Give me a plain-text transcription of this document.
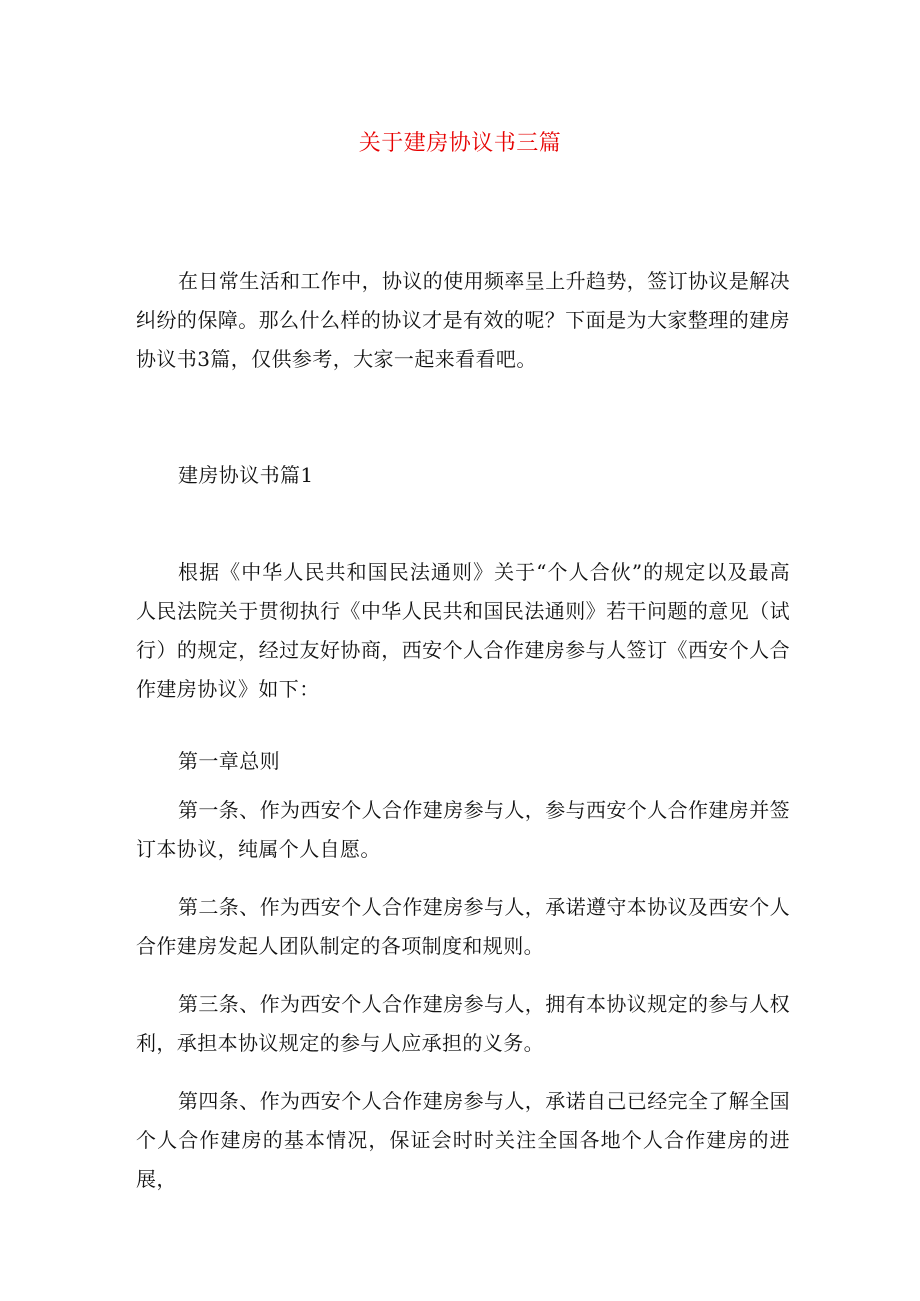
关于建房协议书三篇

在日常生活和工作中，协议的使用频率呈上升趋势，签订协议是解决纠纷的保障。那么什么样的协议才是有效的呢？下面是为大家整理的建房协议书3篇，仅供参考，大家一起来看看吧。

建房协议书篇1

根据《中华人民共和国民法通则》关于“个人合伙”的规定以及最高人民法院关于贯彻执行《中华人民共和国民法通则》若干问题的意见（试行）的规定，经过友好协商，西安个人合作建房参与人签订《西安个人合作建房协议》如下：

第一章总则

第一条、作为西安个人合作建房参与人，参与西安个人合作建房并签订本协议，纯属个人自愿。

第二条、作为西安个人合作建房参与人，承诺遵守本协议及西安个人合作建房发起人团队制定的各项制度和规则。

第三条、作为西安个人合作建房参与人，拥有本协议规定的参与人权利，承担本协议规定的参与人应承担的义务。

第四条、作为西安个人合作建房参与人，承诺自己已经完全了解全国个人合作建房的基本情况，保证会时时关注全国各地个人合作建房的进展，
